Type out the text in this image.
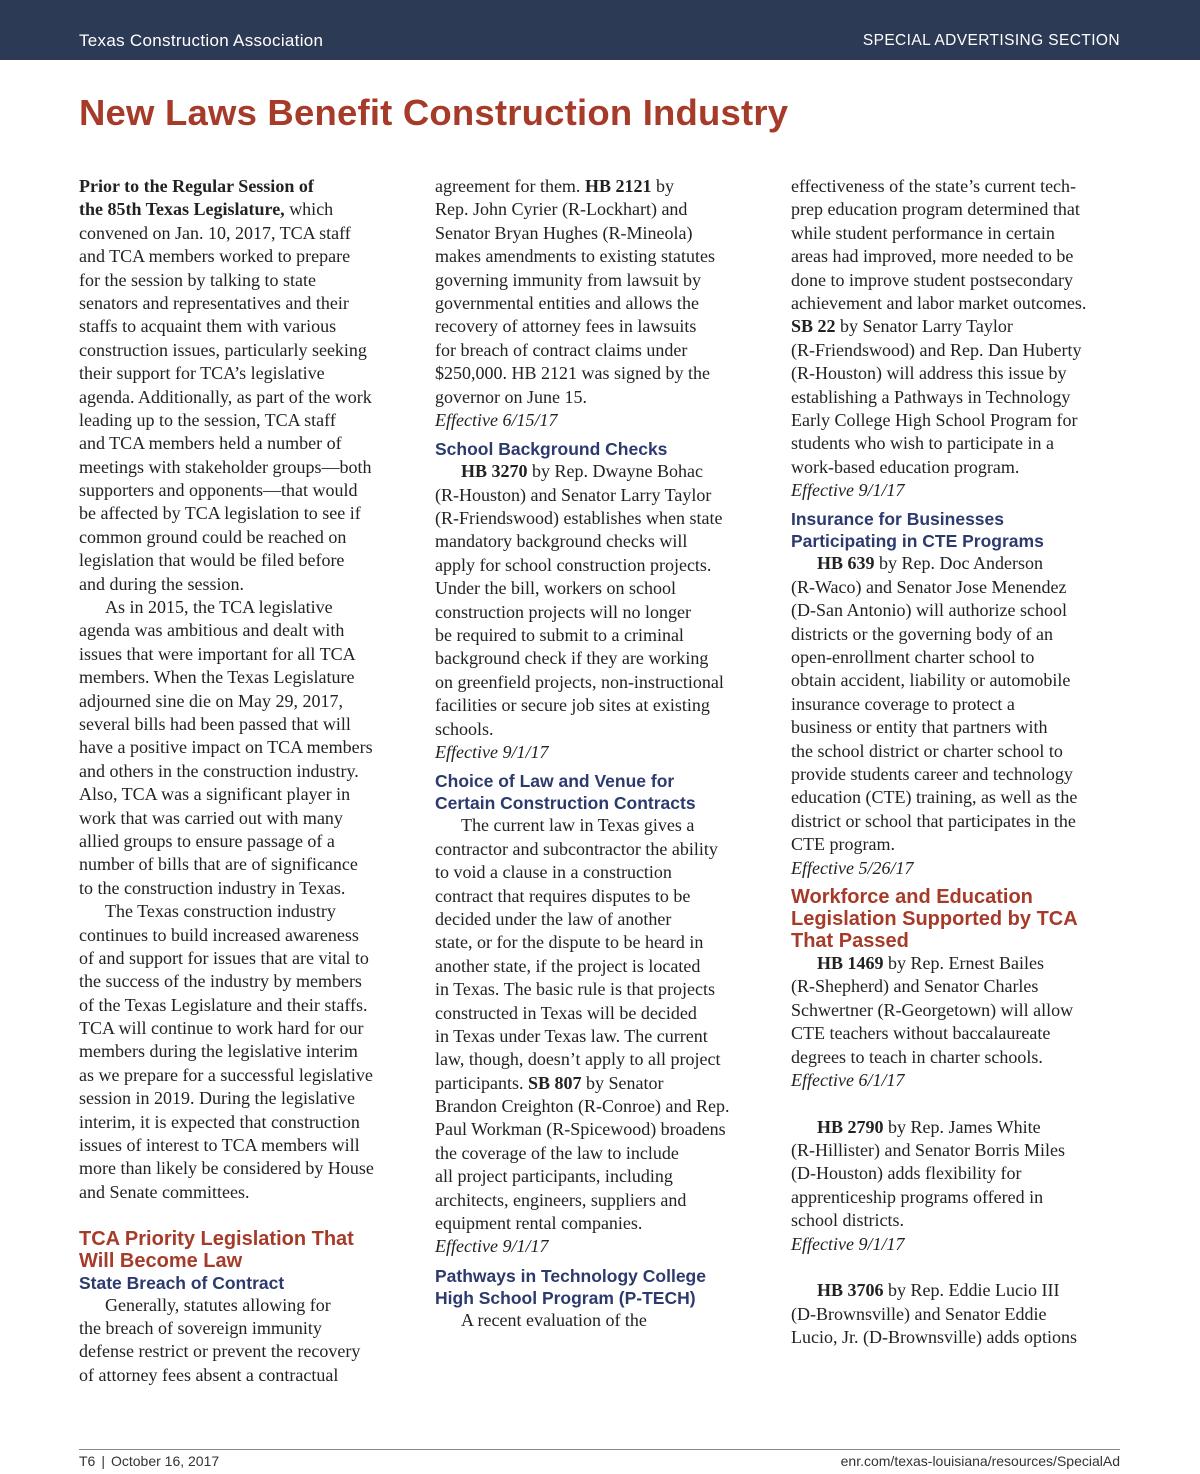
Texas Construction Association	SPECIAL ADVERTISING SECTION
New Laws Benefit Construction Industry
Prior to the Regular Session of
the 85th Texas Legislature, which
convened on Jan. 10, 2017, TCA staff
and TCA members worked to prepare
for the session by talking to state
senators and representatives and their
staffs to acquaint them with various
construction issues, particularly seeking
their support for TCA’s legislative
agenda. Additionally, as part of the work
leading up to the session, TCA staff
and TCA members held a number of
meetings with stakeholder groups—both
supporters and opponents—that would
be affected by TCA legislation to see if
common ground could be reached on
legislation that would be filed before
and during the session.
As in 2015, the TCA legislative
agenda was ambitious and dealt with
issues that were important for all TCA
members. When the Texas Legislature
adjourned sine die on May 29, 2017,
several bills had been passed that will
have a positive impact on TCA members
and others in the construction industry.
Also, TCA was a significant player in
work that was carried out with many
allied groups to ensure passage of a
number of bills that are of significance
to the construction industry in Texas.
The Texas construction industry
continues to build increased awareness
of and support for issues that are vital to
the success of the industry by members
of the Texas Legislature and their staffs.
TCA will continue to work hard for our
members during the legislative interim
as we prepare for a successful legislative
session in 2019. During the legislative
interim, it is expected that construction
issues of interest to TCA members will
more than likely be considered by House
and Senate committees.
TCA Priority Legislation That
Will Become Law
State Breach of Contract
Generally, statutes allowing for
the breach of sovereign immunity
defense restrict or prevent the recovery
of attorney fees absent a contractual
agreement for them. HB 2121 by
Rep. John Cyrier (R-Lockhart) and
Senator Bryan Hughes (R-Mineola)
makes amendments to existing statutes
governing immunity from lawsuit by
governmental entities and allows the
recovery of attorney fees in lawsuits
for breach of contract claims under
$250,000. HB 2121 was signed by the
governor on June 15.
Effective 6/15/17
School Background Checks
HB 3270 by Rep. Dwayne Bohac
(R-Houston) and Senator Larry Taylor
(R-Friendswood) establishes when state
mandatory background checks will
apply for school construction projects.
Under the bill, workers on school
construction projects will no longer
be required to submit to a criminal
background check if they are working
on greenfield projects, non-instructional
facilities or secure job sites at existing
schools.
Effective 9/1/17
Choice of Law and Venue for
Certain Construction Contracts
The current law in Texas gives a
contractor and subcontractor the ability
to void a clause in a construction
contract that requires disputes to be
decided under the law of another
state, or for the dispute to be heard in
another state, if the project is located
in Texas. The basic rule is that projects
constructed in Texas will be decided
in Texas under Texas law. The current
law, though, doesn’t apply to all project
participants. SB 807 by Senator
Brandon Creighton (R-Conroe) and Rep.
Paul Workman (R-Spicewood) broadens
the coverage of the law to include
all project participants, including
architects, engineers, suppliers and
equipment rental companies.
Effective 9/1/17
Pathways in Technology College
High School Program (P-TECH)
A recent evaluation of the
effectiveness of the state’s current tech-
prep education program determined that
while student performance in certain
areas had improved, more needed to be
done to improve student postsecondary
achievement and labor market outcomes.
SB 22 by Senator Larry Taylor
(R-Friendswood) and Rep. Dan Huberty
(R-Houston) will address this issue by
establishing a Pathways in Technology
Early College High School Program for
students who wish to participate in a
work-based education program.
Effective 9/1/17
Insurance for Businesses
Participating in CTE Programs
HB 639 by Rep. Doc Anderson
(R-Waco) and Senator Jose Menendez
(D-San Antonio) will authorize school
districts or the governing body of an
open-enrollment charter school to
obtain accident, liability or automobile
insurance coverage to protect a
business or entity that partners with
the school district or charter school to
provide students career and technology
education (CTE) training, as well as the
district or school that participates in the
CTE program.
Effective 5/26/17
Workforce and Education
Legislation Supported by TCA
That Passed
HB 1469 by Rep. Ernest Bailes
(R-Shepherd) and Senator Charles
Schwertner (R-Georgetown) will allow
CTE teachers without baccalaureate
degrees to teach in charter schools.
Effective 6/1/17
HB 2790 by Rep. James White
(R-Hillister) and Senator Borris Miles
(D-Houston) adds flexibility for
apprenticeship programs offered in
school districts.
Effective 9/1/17
HB 3706 by Rep. Eddie Lucio III
(D-Brownsville) and Senator Eddie
Lucio, Jr. (D-Brownsville) adds options
T6 | October 16, 2017	enr.com/texas-louisiana/resources/SpecialAd
